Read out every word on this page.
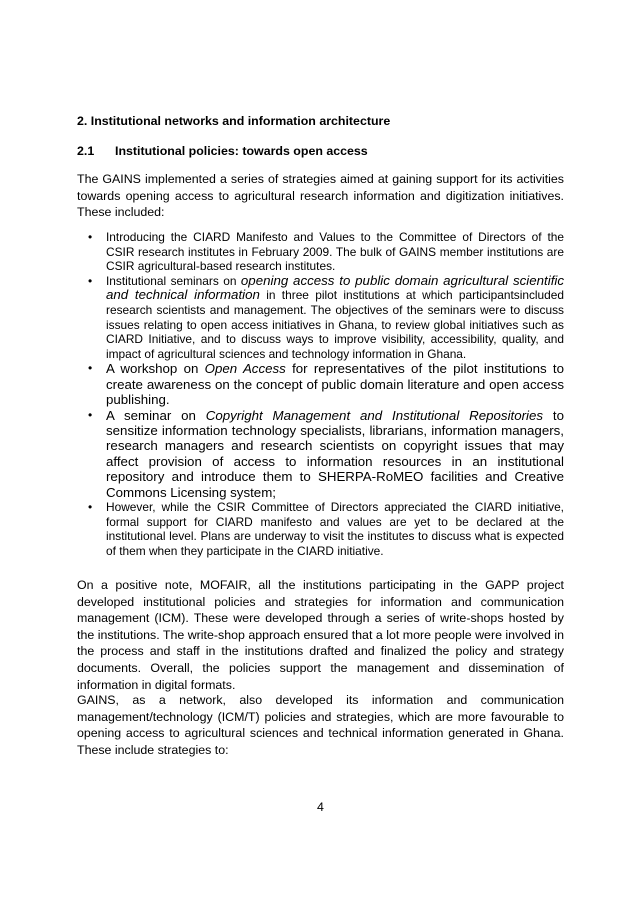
2. Institutional networks and information architecture
2.1 Institutional policies: towards open access

The GAINS implemented a series of strategies aimed at gaining support for its activities towards opening access to agricultural research information and digitization initiatives. These included:

• Introducing the CIARD Manifesto and Values to the Committee of Directors of the CSIR research institutes in February 2009. The bulk of GAINS member institutions are CSIR agricultural-based research institutes.
• Institutional seminars on opening access to public domain agricultural scientific and technical information in three pilot institutions at which participantsincluded research scientists and management. The objectives of the seminars were to discuss issues relating to open access initiatives in Ghana, to review global initiatives such as CIARD Initiative, and to discuss ways to improve visibility, accessibility, quality, and impact of agricultural sciences and technology information in Ghana.
• A workshop on Open Access for representatives of the pilot institutions to create awareness on the concept of public domain literature and open access publishing.
• A seminar on Copyright Management and Institutional Repositories to sensitize information technology specialists, librarians, information managers, research managers and research scientists on copyright issues that may affect provision of access to information resources in an institutional repository and introduce them to SHERPA-RoMEO facilities and Creative Commons Licensing system;
• However, while the CSIR Committee of Directors appreciated the CIARD initiative, formal support for CIARD manifesto and values are yet to be declared at the institutional level. Plans are underway to visit the institutes to discuss what is expected of them when they participate in the CIARD initiative.

On a positive note, MOFAIR, all the institutions participating in the GAPP project developed institutional policies and strategies for information and communication management (ICM). These were developed through a series of write-shops hosted by the institutions. The write-shop approach ensured that a lot more people were involved in the process and staff in the institutions drafted and finalized the policy and strategy documents. Overall, the policies support the management and dissemination of information in digital formats.

GAINS, as a network, also developed its information and communication management/technology (ICM/T) policies and strategies, which are more favourable to opening access to agricultural sciences and technical information generated in Ghana. These include strategies to:

4
